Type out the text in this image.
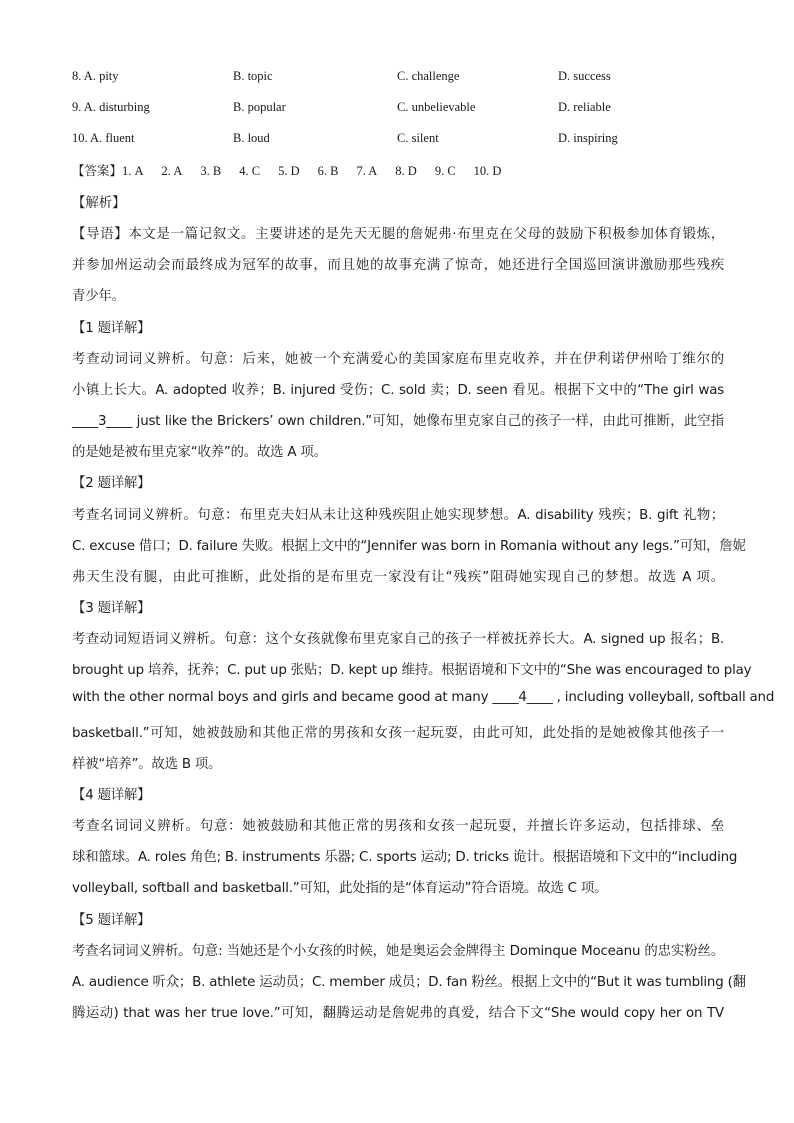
8. A. pity	B. topic	C. challenge	D. success
9. A. disturbing	B. popular	C. unbelievable	D. reliable
10. A. fluent	B. loud	C. silent	D. inspiring
【答案】1. A 2. A 3. B 4. C 5. D 6. B 7. A 8. D 9. C 10. D
【解析】
【导语】本文是一篇记叙文。主要讲述的是先天无腿的詹妮弗·布里克在父母的鼓励下积极参加体育锻炼，
并参加州运动会而最终成为冠军的故事，而且她的故事充满了惊奇，她还进行全国巡回演讲激励那些残疾
青少年。
【1 题详解】
考查动词词义辨析。句意：后来，她被一个充满爱心的美国家庭布里克收养，并在伊利诺伊州哈丁维尔的
小镇上长大。A. adopted 收养；B. injured 受伤；C. sold 卖；D. seen 看见。根据下文中的“The girl was
____3____ just like the Brickers’ own children.”可知，她像布里克家自己的孩子一样，由此可推断，此空指
的是她是被布里克家“收养”的。故选 A 项。
【2 题详解】
考查名词词义辨析。句意：布里克夫妇从未让这种残疾阻止她实现梦想。A. disability 残疾；B. gift 礼物；
C. excuse 借口；D. failure 失败。根据上文中的“Jennifer was born in Romania without any legs.”可知，詹妮
弗天生没有腿，由此可推断，此处指的是布里克一家没有让“残疾”阻碍她实现自己的梦想。故选 A 项。
【3 题详解】
考查动词短语词义辨析。句意：这个女孩就像布里克家自己的孩子一样被抚养长大。A. signed up 报名；B.
brought up 培养，抚养；C. put up 张贴；D. kept up 维持。根据语境和下文中的“She was encouraged to play
with the other normal boys and girls and became good at many ____4____ , including volleyball, softball and
basketball.”可知，她被鼓励和其他正常的男孩和女孩一起玩耍，由此可知，此处指的是她被像其他孩子一
样被“培养”。故选 B 项。
【4 题详解】
考查名词词义辨析。句意：她被鼓励和其他正常的男孩和女孩一起玩耍，并擅长许多运动，包括排球、垒
球和篮球。A. roles 角色; B. instruments 乐器; C. sports 运动; D. tricks 诡计。根据语境和下文中的“including
volleyball, softball and basketball.”可知，此处指的是“体育运动”符合语境。故选 C 项。
【5 题详解】
考查名词词义辨析。句意: 当她还是个小女孩的时候，她是奥运会金牌得主 Dominque Moceanu 的忠实粉丝。
A. audience 听众；B. athlete 运动员；C. member 成员；D. fan 粉丝。根据上文中的“But it was tumbling (翻
腾运动) that was her true love.”可知，翻腾运动是詹妮弗的真爱，结合下文“She would copy her on TV
